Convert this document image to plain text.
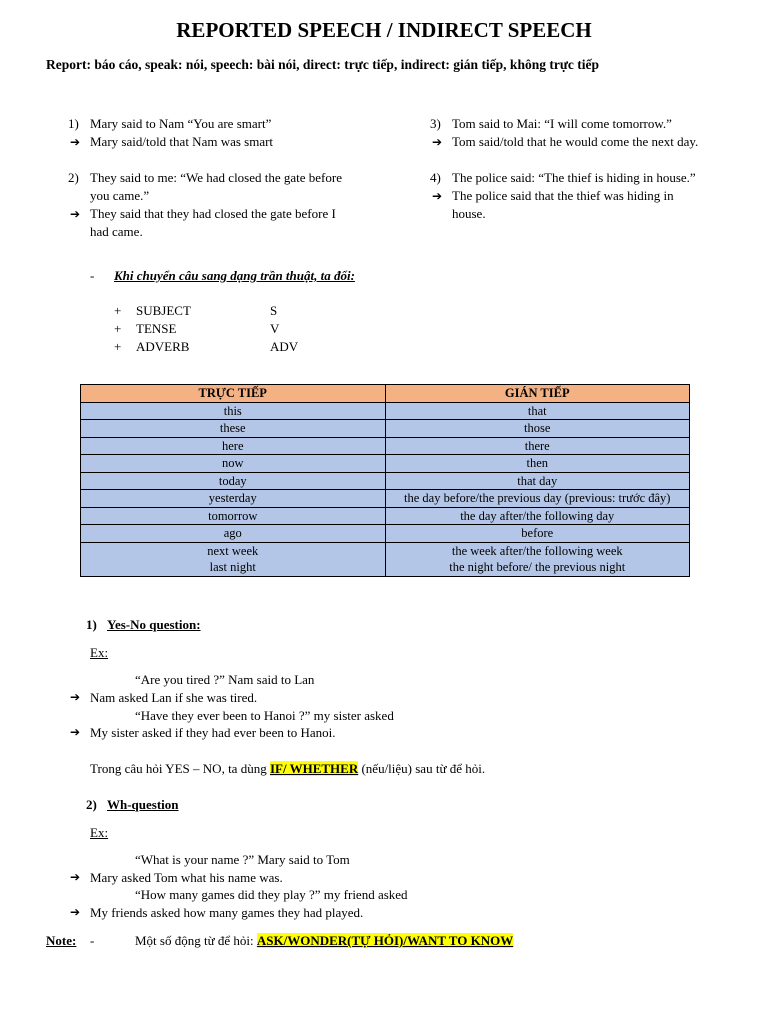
REPORTED SPEECH / INDIRECT SPEECH
Report: báo cáo, speak: nói, speech: bài nói, direct: trực tiếp, indirect: gián tiếp, không trực tiếp
1) Mary said to Nam “You are smart”
➔ Mary said/told that Nam was smart
2) They said to me: “We had closed the gate before
you came.”
➔ They said that they had closed the gate before I
had came.
3) Tom said to Mai: “I will come tomorrow.”
➔ Tom said/told that he would come the next day.
4) The police said: “The thief is hiding in house.”
➔ The police said that the thief was hiding in
house.
- Khi chuyển câu sang dạng trần thuật, ta đổi:
+ SUBJECT	S
+ TENSE	V
+ ADVERB	ADV
TRỰC TIẾP	GIÁN TIẾP
this	that
these	those
here	there
now	then
today	that day
yesterday	the day before/the previous day (previous: trước đây)
tomorrow	the day after/the following day
ago	before
next week	the week after/the following week
last night	the night before/ the previous night
1) Yes-No question:
Ex:
“Are you tired ?” Nam said to Lan
➔ Nam asked Lan if she was tired.
“Have they ever been to Hanoi ?” my sister asked
➔ My sister asked if they had ever been to Hanoi.
Trong câu hỏi YES – NO, ta dùng IF/ WHETHER (nếu/liệu) sau từ để hỏi.
2) Wh-question
Ex:
“What is your name ?” Mary said to Tom
➔ Mary asked Tom what his name was.
“How many games did they play ?” my friend asked
➔ My friends asked how many games they had played.
Note: -	Một số động từ để hỏi: ASK/WONDER(TỰ HỎI)/WANT TO KNOW
